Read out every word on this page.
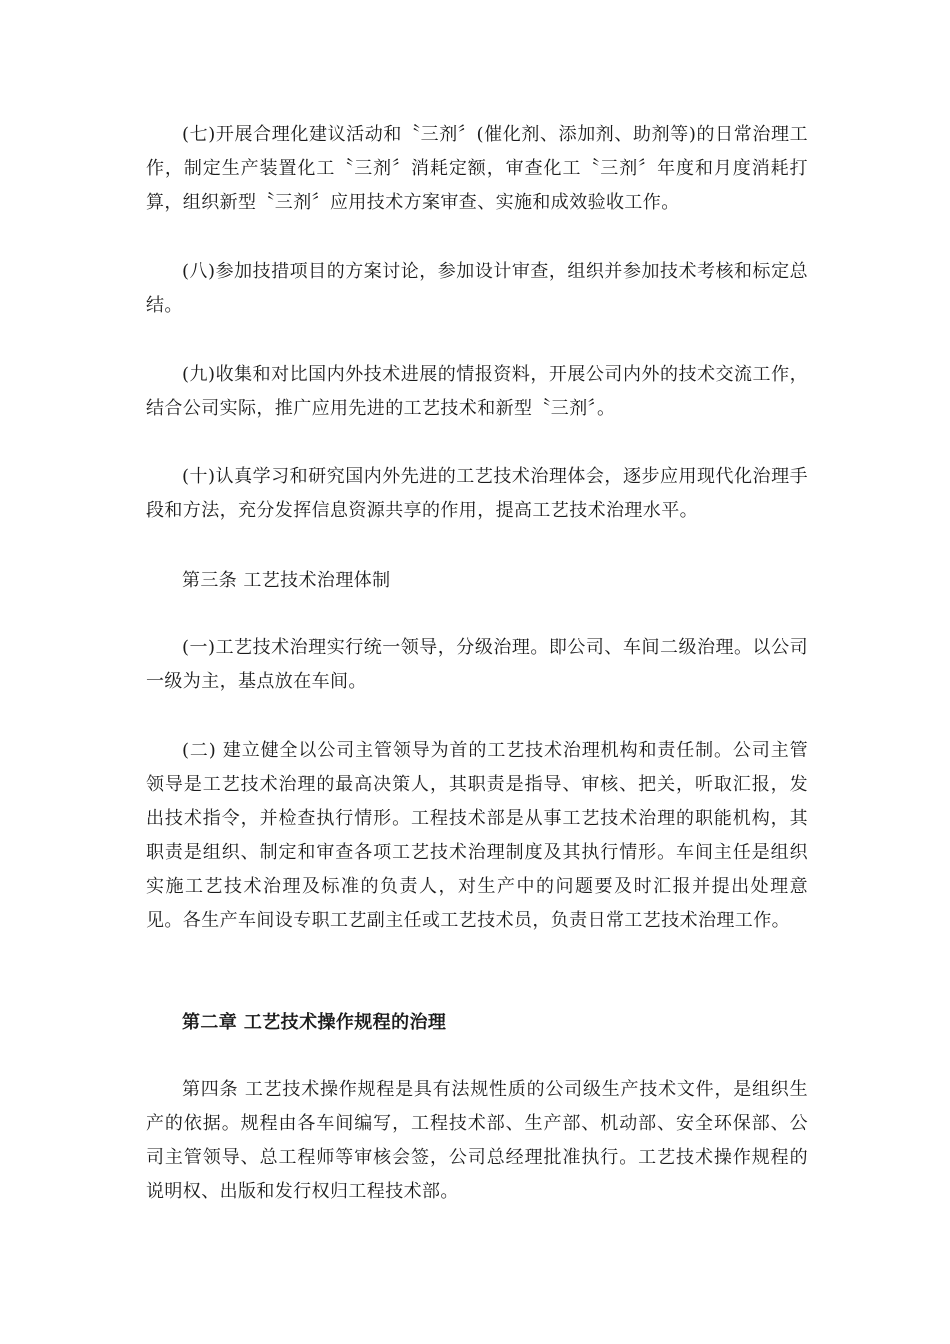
(七)开展合理化建议活动和〝三剂〞(催化剂、添加剂、助剂等)的日常治理工作，制定生产装置化工〝三剂〞消耗定额，审查化工〝三剂〞年度和月度消耗打算，组织新型〝三剂〞应用技术方案审查、实施和成效验收工作。

(八)参加技措项目的方案讨论，参加设计审查，组织并参加技术考核和标定总结。

(九)收集和对比国内外技术进展的情报资料，开展公司内外的技术交流工作，结合公司实际，推广应用先进的工艺技术和新型〝三剂〞。

(十)认真学习和研究国内外先进的工艺技术治理体会，逐步应用现代化治理手段和方法，充分发挥信息资源共享的作用，提高工艺技术治理水平。

第三条 工艺技术治理体制

(一)工艺技术治理实行统一领导，分级治理。即公司、车间二级治理。以公司一级为主，基点放在车间。

(二) 建立健全以公司主管领导为首的工艺技术治理机构和责任制。公司主管领导是工艺技术治理的最高决策人，其职责是指导、审核、把关，听取汇报，发出技术指令，并检查执行情形。工程技术部是从事工艺技术治理的职能机构，其职责是组织、制定和审查各项工艺技术治理制度及其执行情形。车间主任是组织实施工艺技术治理及标准的负责人，对生产中的问题要及时汇报并提出处理意见。各生产车间设专职工艺副主任或工艺技术员，负责日常工艺技术治理工作。

第二章 工艺技术操作规程的治理

第四条 工艺技术操作规程是具有法规性质的公司级生产技术文件，是组织生产的依据。规程由各车间编写，工程技术部、生产部、机动部、安全环保部、公司主管领导、总工程师等审核会签，公司总经理批准执行。工艺技术操作规程的说明权、出版和发行权归工程技术部。
